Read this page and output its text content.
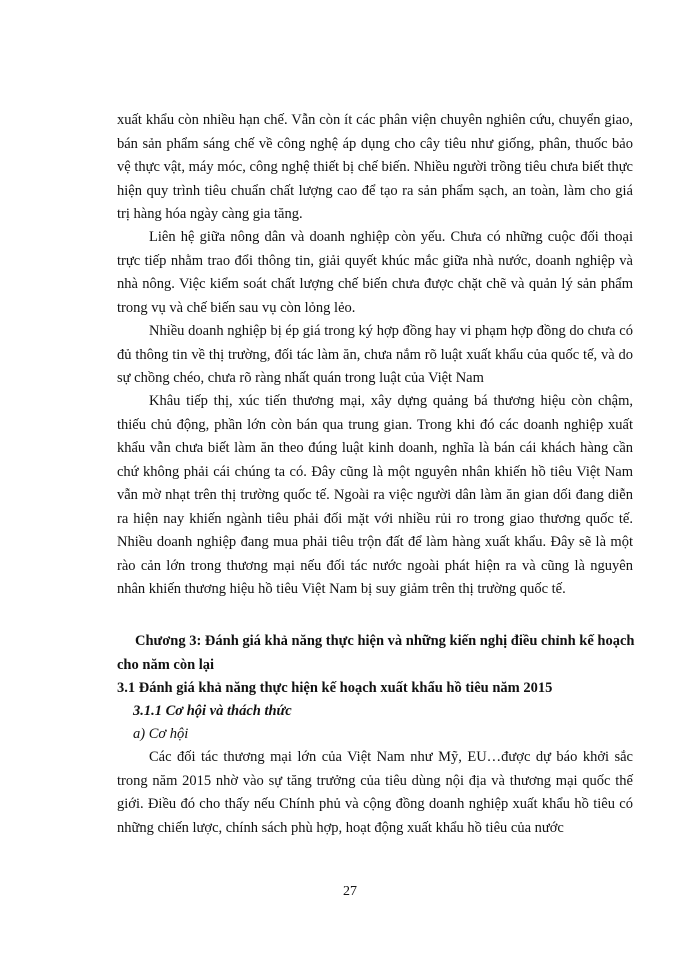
xuất khẩu còn nhiều hạn chế. Vẫn còn ít các phân viện chuyên nghiên cứu, chuyển giao, bán sản phẩm sáng chế về công nghệ áp dụng cho cây tiêu như giống, phân, thuốc bảo vệ thực vật, máy móc, công nghệ thiết bị chế biến. Nhiều người trồng tiêu chưa biết thực hiện quy trình tiêu chuẩn chất lượng cao để tạo ra sản phẩm sạch, an toàn, làm cho giá trị hàng hóa ngày càng gia tăng.

Liên hệ giữa nông dân và doanh nghiệp còn yếu. Chưa có những cuộc đối thoại trực tiếp nhằm trao đổi thông tin, giải quyết khúc mắc giữa nhà nước, doanh nghiệp và nhà nông. Việc kiểm soát chất lượng chế biến chưa được chặt chẽ và quản lý sản phẩm trong vụ và chế biến sau vụ còn lỏng lẻo.

Nhiều doanh nghiệp bị ép giá trong ký hợp đồng hay vi phạm hợp đồng do chưa có đủ thông tin về thị trường, đối tác làm ăn, chưa nắm rõ luật xuất khẩu của quốc tế, và do sự chồng chéo, chưa rõ ràng nhất quán trong luật của Việt Nam

Khâu tiếp thị, xúc tiến thương mại, xây dựng quảng bá thương hiệu còn chậm, thiếu chủ động, phần lớn còn bán qua trung gian. Trong khi đó các doanh nghiệp xuất khẩu vẫn chưa biết làm ăn theo đúng luật kinh doanh, nghĩa là bán cái khách hàng cần chứ không phải cái chúng ta có. Đây cũng là một nguyên nhân khiến hồ tiêu Việt Nam vẫn mờ nhạt trên thị trường quốc tế. Ngoài ra việc người dân làm ăn gian dối đang diễn ra hiện nay khiến ngành tiêu phải đối mặt với nhiều rủi ro trong giao thương quốc tế. Nhiều doanh nghiệp đang mua phải tiêu trộn đất để làm hàng xuất khẩu. Đây sẽ là một rào cản lớn trong thương mại nếu đối tác nước ngoài phát hiện ra và cũng là nguyên nhân khiến thương hiệu hồ tiêu Việt Nam bị suy giảm trên thị trường quốc tế.

Chương 3: Đánh giá khả năng thực hiện và những kiến nghị điều chỉnh kế hoạch cho năm còn lại
3.1 Đánh giá khả năng thực hiện kế hoạch xuất khẩu hồ tiêu năm 2015
3.1.1 Cơ hội và thách thức

a) Cơ hội

Các đối tác thương mại lớn của Việt Nam như Mỹ, EU…được dự báo khởi sắc trong năm 2015 nhờ vào sự tăng trưởng của tiêu dùng nội địa và thương mại quốc thế giới. Điều đó cho thấy nếu Chính phủ và cộng đồng doanh nghiệp xuất khẩu hồ tiêu có những chiến lược, chính sách phù hợp, hoạt động xuất khẩu hồ tiêu của nước

27
